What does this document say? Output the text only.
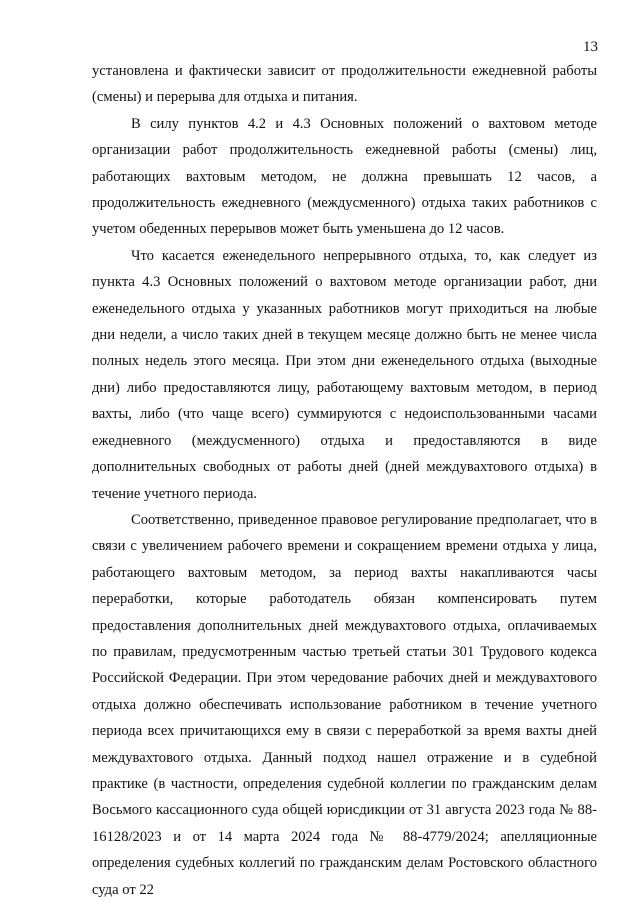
13

установлена и фактически зависит от продолжительности ежедневной работы (смены) и перерыва для отдыха и питания.

В силу пунктов 4.2 и 4.3 Основных положений о вахтовом методе организации работ продолжительность ежедневной работы (смены) лиц, работающих вахтовым методом, не должна превышать 12 часов, а продолжительность ежедневного (междусменного) отдыха таких работников с учетом обеденных перерывов может быть уменьшена до 12 часов.

Что касается еженедельного непрерывного отдыха, то, как следует из пункта 4.3 Основных положений о вахтовом методе организации работ, дни еженедельного отдыха у указанных работников могут приходиться на любые дни недели, а число таких дней в текущем месяце должно быть не менее числа полных недель этого месяца. При этом дни еженедельного отдыха (выходные дни) либо предоставляются лицу, работающему вахтовым методом, в период вахты, либо (что чаще всего) суммируются с недоиспользованными часами ежедневного (междусменного) отдыха и предоставляются в виде дополнительных свободных от работы дней (дней междувахтового отдыха) в течение учетного периода.

Соответственно, приведенное правовое регулирование предполагает, что в связи с увеличением рабочего времени и сокращением времени отдыха у лица, работающего вахтовым методом, за период вахты накапливаются часы переработки, которые работодатель обязан компенсировать путем предоставления дополнительных дней междувахтового отдыха, оплачиваемых по правилам, предусмотренным частью третьей статьи 301 Трудового кодекса Российской Федерации. При этом чередование рабочих дней и междувахтового отдыха должно обеспечивать использование работником в течение учетного периода всех причитающихся ему в связи с переработкой за время вахты дней междувахтового отдыха. Данный подход нашел отражение и в судебной практике (в частности, определения судебной коллегии по гражданским делам Восьмого кассационного суда общей юрисдикции от 31 августа 2023 года № 88-16128/2023 и от 14 марта 2024 года № 88-4779/2024; апелляционные определения судебных коллегий по гражданским делам Ростовского областного суда от 22
